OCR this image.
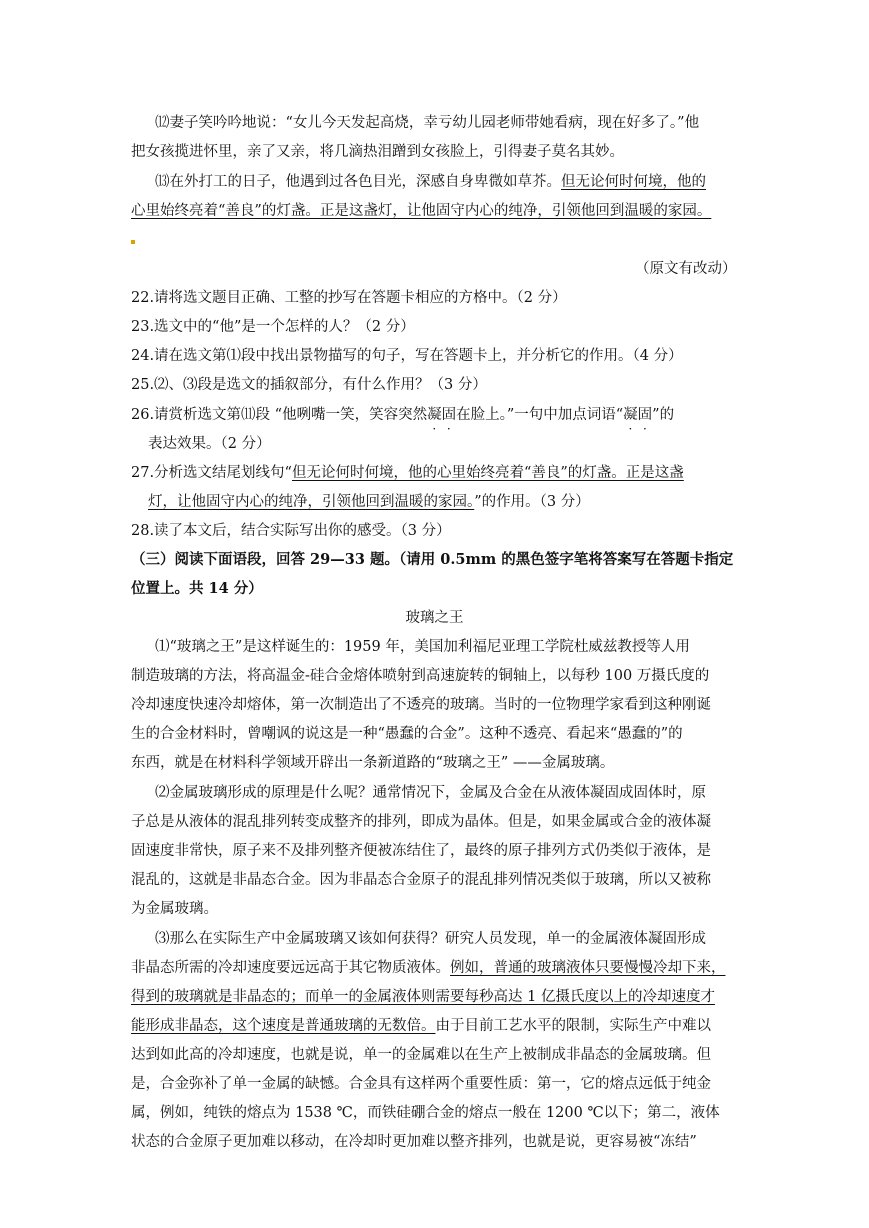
⑿妻子笑吟吟地说：“女儿今天发起高烧，幸亏幼儿园老师带她看病，现在好多了。”他
把女孩揽进怀里，亲了又亲，将几滴热泪蹭到女孩脸上，引得妻子莫名其妙。
⒀在外打工的日子，他遇到过各色目光，深感自身卑微如草芥。但无论何时何境，他的
心里始终亮着“善良”的灯盏。正是这盏灯，让他固守内心的纯净，引领他回到温暖的家园。
（原文有改动）
22.请将选文题目正确、工整的抄写在答题卡相应的方格中。（2 分）
23.选文中的“他”是一个怎样的人？（2 分）
24.请在选文第⑴段中找出景物描写的句子，写在答题卡上，并分析它的作用。（4 分）
25.⑵、⑶段是选文的插叙部分，有什么作用？（3 分）
26.请赏析选文第⑾段 “他咧嘴一笑，笑容突然凝固在脸上。”一句中加点词语“凝固”的
表达效果。（2 分）
27.分析选文结尾划线句“但无论何时何境，他的心里始终亮着“善良”的灯盏。正是这盏
灯，让他固守内心的纯净，引领他回到温暖的家园。”的作用。（3 分）
28.读了本文后，结合实际写出你的感受。（3 分）
（三）阅读下面语段，回答 29—33 题。（请用 0.5mm 的黑色签字笔将答案写在答题卡指定
位置上。共 14 分）
玻璃之王
⑴“玻璃之王”是这样诞生的：1959 年，美国加利福尼亚理工学院杜威兹教授等人用
制造玻璃的方法，将高温金-硅合金熔体喷射到高速旋转的铜轴上，以每秒 100 万摄氏度的
冷却速度快速冷却熔体，第一次制造出了不透亮的玻璃。当时的一位物理学家看到这种刚诞
生的合金材料时，曾嘲讽的说这是一种“愚蠢的合金”。这种不透亮、看起来“愚蠢的”的
东西，就是在材料科学领域开辟出一条新道路的“玻璃之王” ——金属玻璃。
⑵金属玻璃形成的原理是什么呢？通常情况下，金属及合金在从液体凝固成固体时，原
子总是从液体的混乱排列转变成整齐的排列，即成为晶体。但是，如果金属或合金的液体凝
固速度非常快，原子来不及排列整齐便被冻结住了，最终的原子排列方式仍类似于液体，是
混乱的，这就是非晶态合金。因为非晶态合金原子的混乱排列情况类似于玻璃，所以又被称
为金属玻璃。
⑶那么在实际生产中金属玻璃又该如何获得？研究人员发现，单一的金属液体凝固形成
非晶态所需的冷却速度要远远高于其它物质液体。例如，普通的玻璃液体只要慢慢冷却下来，
得到的玻璃就是非晶态的；而单一的金属液体则需要每秒高达 1 亿摄氏度以上的冷却速度才
能形成非晶态，这个速度是普通玻璃的无数倍。由于目前工艺水平的限制，实际生产中难以
达到如此高的冷却速度，也就是说，单一的金属难以在生产上被制成非晶态的金属玻璃。但
是，合金弥补了单一金属的缺憾。合金具有这样两个重要性质：第一，它的熔点远低于纯金
属，例如，纯铁的熔点为 1538 ℃，而铁硅硼合金的熔点一般在 1200 ℃以下；第二，液体
状态的合金原子更加难以移动，在冷却时更加难以整齐排列，也就是说，更容易被“冻结”
